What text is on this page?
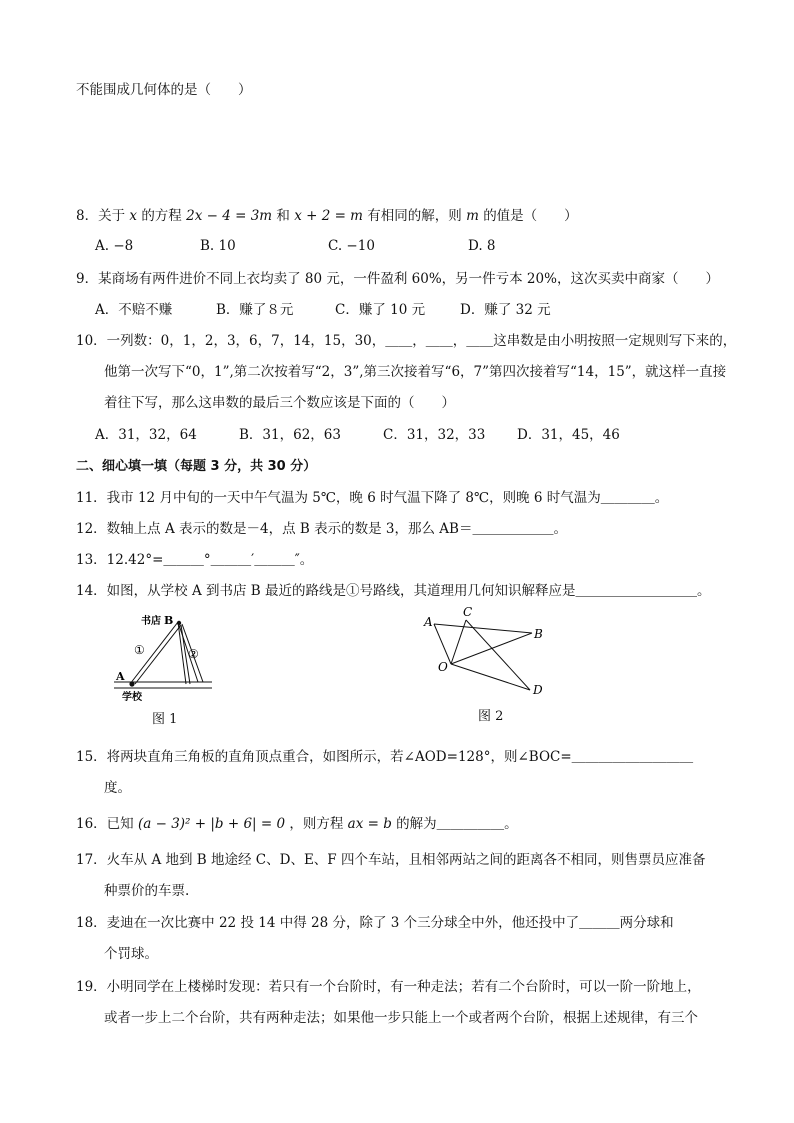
不能围成几何体的是（　　）
8．关于 x 的方程 2x − 4 = 3m 和 x + 2 = m 有相同的解，则 m 的值是（　　）
A. −8	B. 10	C. −10	D. 8
9．某商场有两件进价不同上衣均卖了 80 元，一件盈利 60%，另一件亏本 20%，这次买卖中商家（　　）
A．不赔不赚	B．赚了８元	C．赚了 10 元	D．赚了 32 元
10．一列数：0，1，2，3，6，7，14，15，30，＿＿，＿＿，＿＿这串数是由小明按照一定规则写下来的，
他第一次写下“0，1”,第二次按着写“2，3”,第三次接着写“6，7”第四次接着写“14，15”，就这样一直接
着往下写，那么这串数的最后三个数应该是下面的（　　）
A．31，32，64	B．31，62，63	C．31，32，33 D．31，45，46
二、细心填一填（每题 3 分，共 30 分）
11．我市 12 月中旬的一天中午气温为 5℃，晚 6 时气温下降了 8℃，则晚 6 时气温为＿＿＿＿。
12．数轴上点 A 表示的数是－4，点 B 表示的数是 3，那么 AB＝＿＿＿＿＿＿。
13．12.42°=＿＿＿°＿＿＿′＿＿＿″。
14．如图，从学校 A 到书店 B 最近的路线是①号路线，其道理用几何知识解释应是＿＿＿＿＿＿＿＿＿。
书店 B
A
学校
①	②
图 1
A
C
B
O
D
图 2
15．将两块直角三角板的直角顶点重合，如图所示，若∠AOD=128°，则∠BOC=＿＿＿＿＿＿＿＿＿
度。
16．已知 (a − 3)² + |b + 6| = 0 ，则方程 ax = b 的解为＿＿＿＿＿。
17．火车从 A 地到 B 地途经 C、D、E、F 四个车站，且相邻两站之间的距离各不相同，则售票员应准备
种票价的车票.
18．麦迪在一次比赛中 22 投 14 中得 28 分，除了 3 个三分球全中外，他还投中了＿＿＿两分球和
个罚球。
19．小明同学在上楼梯时发现：若只有一个台阶时，有一种走法；若有二个台阶时，可以一阶一阶地上，
或者一步上二个台阶，共有两种走法；如果他一步只能上一个或者两个台阶，根据上述规律，有三个
